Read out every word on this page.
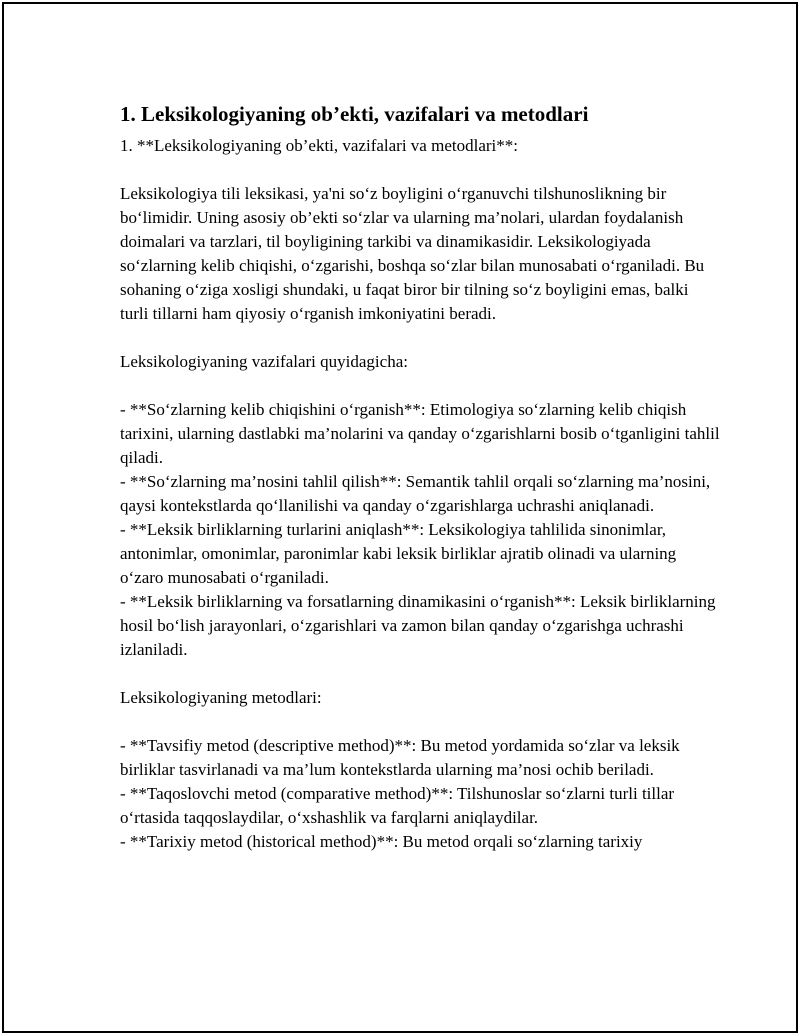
1. Leksikologiyaning ob’ekti, vazifalari va metodlari

1. **Leksikologiyaning ob’ekti, vazifalari va metodlari**:

Leksikologiya tili leksikasi, ya'ni so‘z boyligini o‘rganuvchi tilshunoslikning bir bo‘limidir. Uning asosiy ob’ekti so‘zlar va ularning ma’nolari, ulardan foydalanish doimalari va tarzlari, til boyligining tarkibi va dinamikasidir. Leksikologiyada so‘zlarning kelib chiqishi, o‘zgarishi, boshqa so‘zlar bilan munosabati o‘rganiladi. Bu sohaning o‘ziga xosligi shundaki, u faqat biror bir tilning so‘z boyligini emas, balki turli tillarni ham qiyosiy o‘rganish imkoniyatini beradi.

Leksikologiyaning vazifalari quyidagicha:

- **So‘zlarning kelib chiqishini o‘rganish**: Etimologiya so‘zlarning kelib chiqish tarixini, ularning dastlabki ma’nolarini va qanday o‘zgarishlarni bosib o‘tganligini tahlil qiladi.

- **So‘zlarning ma’nosini tahlil qilish**: Semantik tahlil orqali so‘zlarning ma’nosini, qaysi kontekstlarda qo‘llanilishi va qanday o‘zgarishlarga uchrashi aniqlanadi.

- **Leksik birliklarning turlarini aniqlash**: Leksikologiya tahlilida sinonimlar, antonimlar, omonimlar, paronimlar kabi leksik birliklar ajratib olinadi va ularning o‘zaro munosabati o‘rganiladi.

- **Leksik birliklarning va forsatlarning dinamikasini o‘rganish**: Leksik birliklarning hosil bo‘lish jarayonlari, o‘zgarishlari va zamon bilan qanday o‘zgarishga uchrashi izlaniladi.

Leksikologiyaning metodlari:

- **Tavsifiy metod (descriptive method)**: Bu metod yordamida so‘zlar va leksik birliklar tasvirlanadi va ma’lum kontekstlarda ularning ma’nosi ochib beriladi.

- **Taqoslovchi metod (comparative method)**: Tilshunoslar so‘zlarni turli tillar o‘rtasida taqqoslaydilar, o‘xshashlik va farqlarni aniqlaydilar.

- **Tarixiy metod (historical method)**: Bu metod orqali so‘zlarning tarixiy
